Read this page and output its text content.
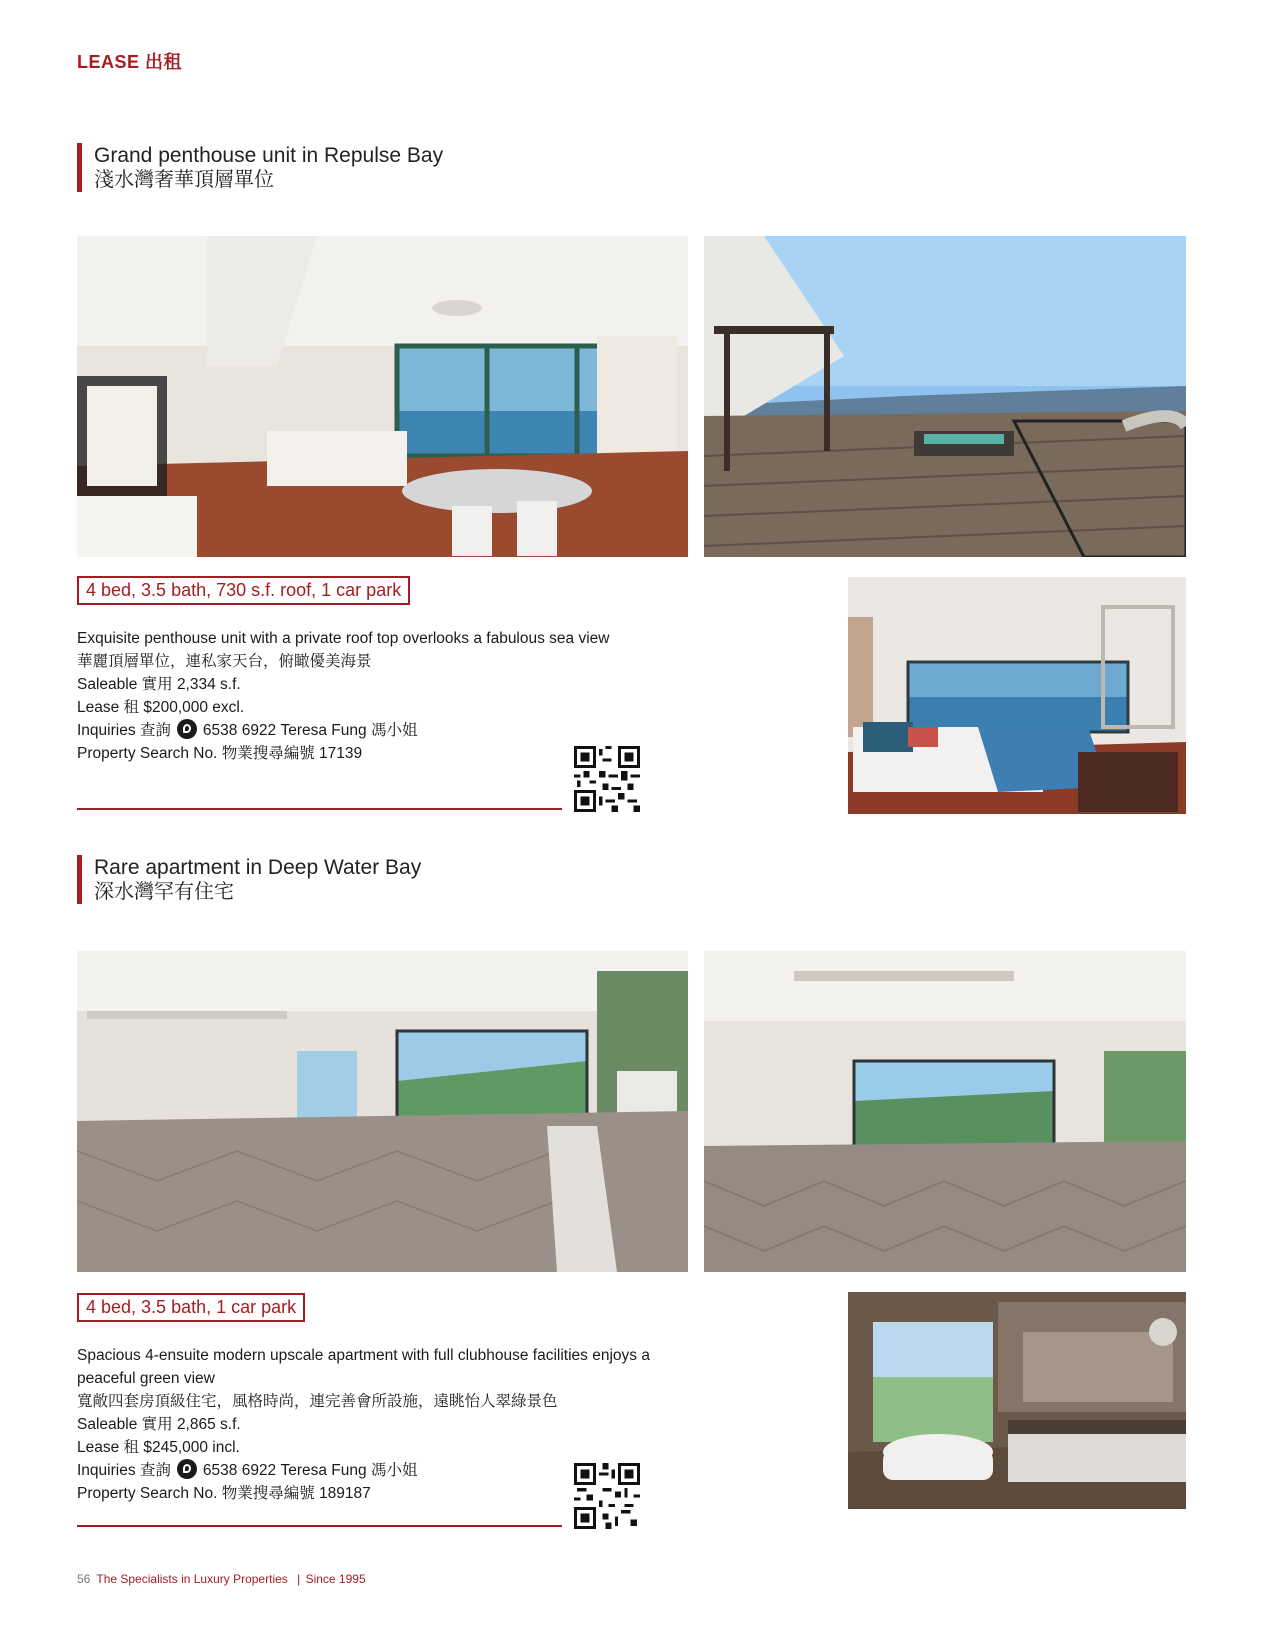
LEASE 出租
Grand penthouse unit in Repulse Bay
淺水灣奢華頂層單位
4 bed, 3.5 bath, 730 s.f. roof, 1 car park
Exquisite penthouse unit with a private roof top overlooks a fabulous sea view
華麗頂層單位，連私家天台，俯瞰優美海景
Saleable 實用 2,334 s.f.
Lease 租 $200,000 excl.
Inquiries 查詢 6538 6922 Teresa Fung 馮小姐
Property Search No. 物業搜尋編號 17139
Rare apartment in Deep Water Bay
深水灣罕有住宅
4 bed, 3.5 bath, 1 car park
Spacious 4-ensuite modern upscale apartment with full clubhouse facilities enjoys a peaceful green view
寬敞四套房頂級住宅，風格時尚，連完善會所設施，遠眺怡人翠綠景色
Saleable 實用 2,865 s.f.
Lease 租 $245,000 incl.
Inquiries 查詢 6538 6922 Teresa Fung 馮小姐
Property Search No. 物業搜尋編號 189187
56 The Specialists in Luxury Properties | Since 1995
